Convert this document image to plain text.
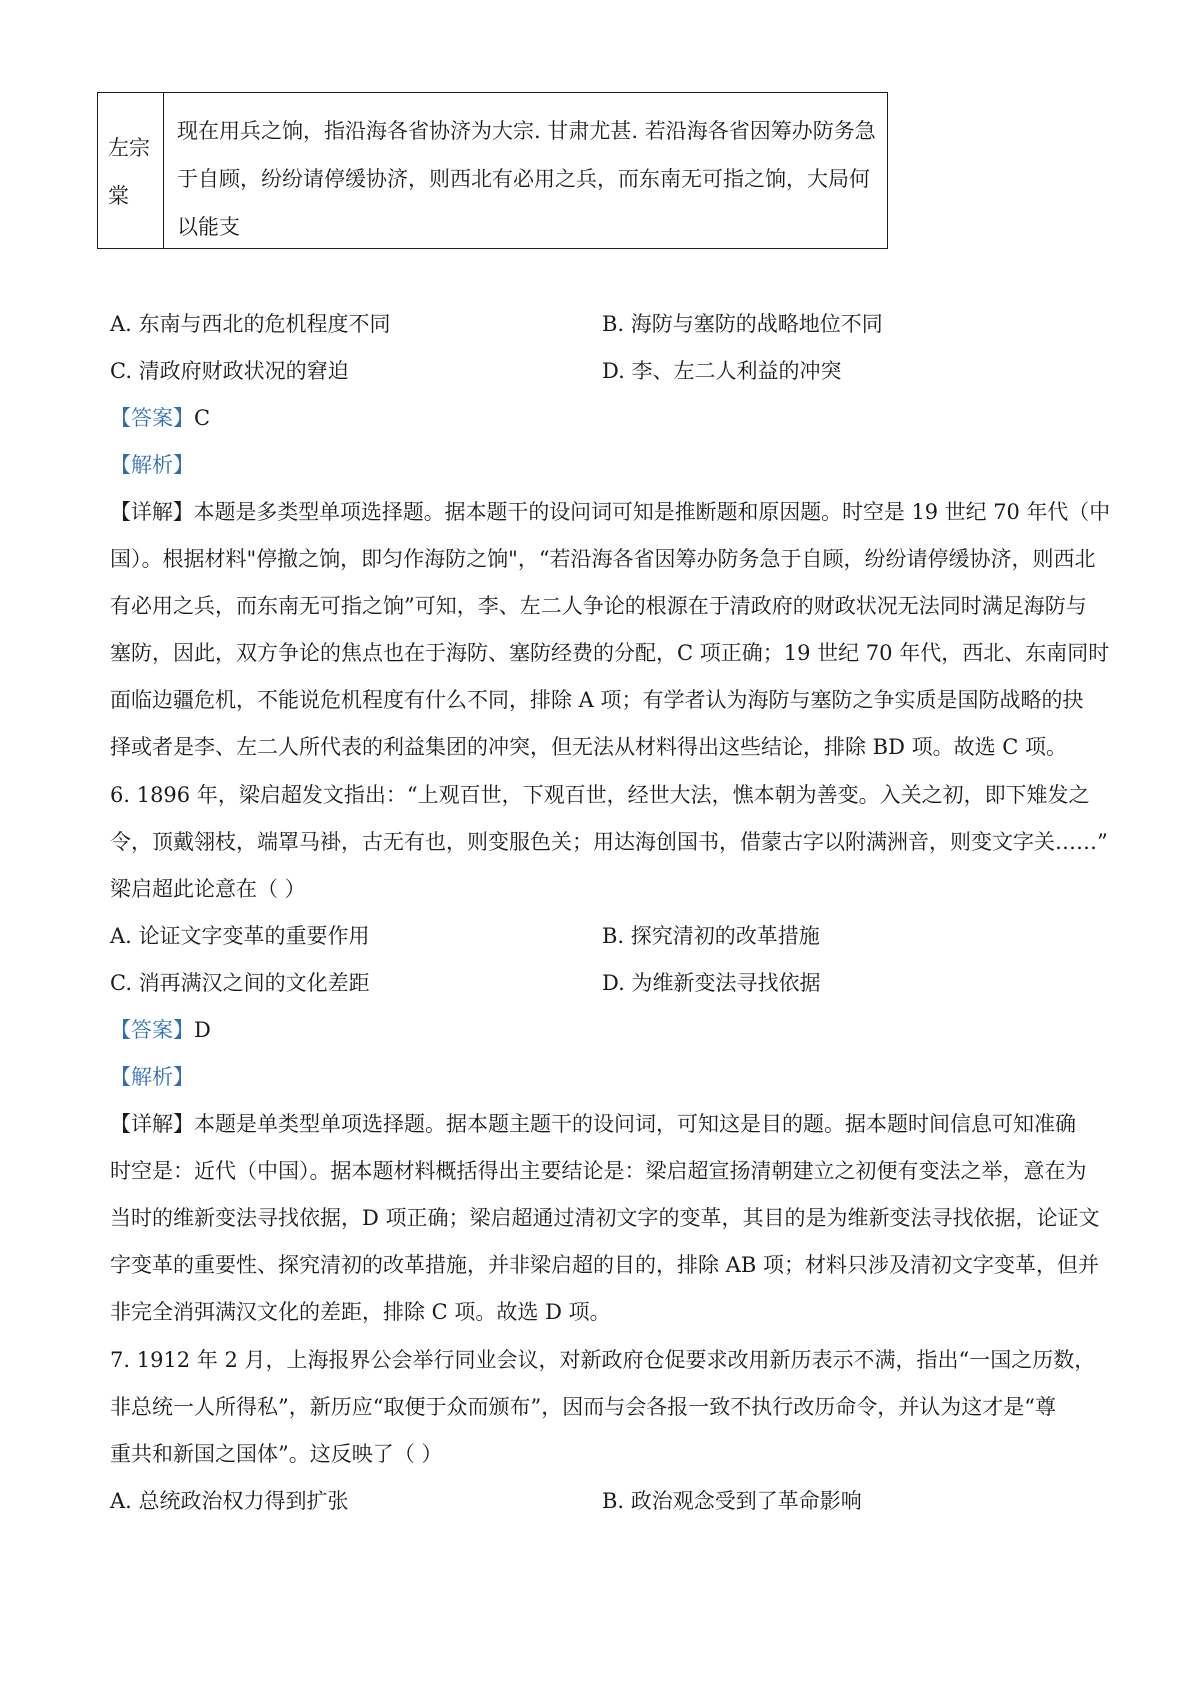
左宗
棠
现在用兵之饷，指沿海各省协济为大宗. 甘肃尤甚. 若沿海各省因筹办防务急
于自顾，纷纷请停缓协济，则西北有必用之兵，而东南无可指之饷，大局何
以能支
A. 东南与西北的危机程度不同	B. 海防与塞防的战略地位不同
C. 清政府财政状况的窘迫	D. 李、左二人利益的冲突
【答案】C
【解析】
【详解】本题是多类型单项选择题。据本题干的设问词可知是推断题和原因题。时空是 19 世纪 70 年代（中
国）。根据材料"停撤之饷，即匀作海防之饷"，“若沿海各省因筹办防务急于自顾，纷纷请停缓协济，则西北
有必用之兵，而东南无可指之饷”可知，李、左二人争论的根源在于清政府的财政状况无法同时满足海防与
塞防，因此，双方争论的焦点也在于海防、塞防经费的分配，C 项正确；19 世纪 70 年代，西北、东南同时
面临边疆危机，不能说危机程度有什么不同，排除 A 项；有学者认为海防与塞防之争实质是国防战略的抉
择或者是李、左二人所代表的利益集团的冲突，但无法从材料得出这些结论，排除 BD 项。故选 C 项。
6. 1896 年，梁启超发文指出：“上观百世，下观百世，经世大法，憔本朝为善变。入关之初，即下雉发之
令，顶戴翎枝，端罩马褂，古无有也，则变服色关；用达海创国书，借蒙古字以附满洲音，则变文字关……”
梁启超此论意在（ ）
A. 论证文字变革的重要作用	B. 探究清初的改革措施
C. 消再满汉之间的文化差距	D. 为维新变法寻找依据
【答案】D
【解析】
【详解】本题是单类型单项选择题。据本题主题干的设问词，可知这是目的题。据本题时间信息可知准确
时空是：近代（中国）。据本题材料概括得出主要结论是：梁启超宣扬清朝建立之初便有变法之举，意在为
当时的维新变法寻找依据，D 项正确；梁启超通过清初文字的变革，其目的是为维新变法寻找依据，论证文
字变革的重要性、探究清初的改革措施，并非梁启超的目的，排除 AB 项；材料只涉及清初文字变革，但并
非完全消弭满汉文化的差距，排除 C 项。故选 D 项。
7. 1912 年 2 月，上海报界公会举行同业会议，对新政府仓促要求改用新历表示不满，指出“一国之历数，
非总统一人所得私”，新历应“取便于众而颁布”，因而与会各报一致不执行改历命令，并认为这才是“尊
重共和新国之国体”。这反映了（ ）
A. 总统政治权力得到扩张	B. 政治观念受到了革命影响
